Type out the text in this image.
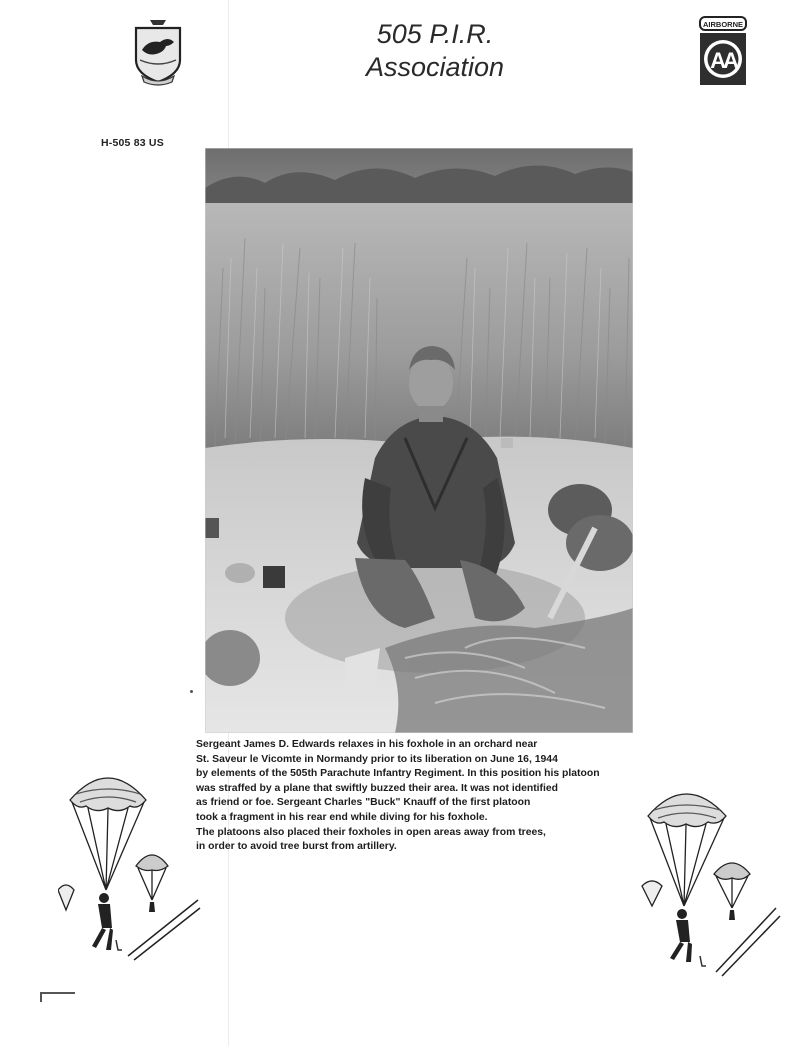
505 P.I.R.
Association
AIRBORNE
AA
H-505 83 US
Sergeant James D. Edwards relaxes in his foxhole in an orchard near
St. Saveur le Vicomte in Normandy prior to its liberation on June 16, 1944
by elements of the 505th Parachute Infantry Regiment. In this position his platoon
was straffed by a plane that swiftly buzzed their area. It was not identified
as friend or foe. Sergeant Charles "Buck" Knauff of the first platoon
took a fragment in his rear end while diving for his foxhole.
The platoons also placed their foxholes in open areas away from trees,
in order to avoid tree burst from artillery.
